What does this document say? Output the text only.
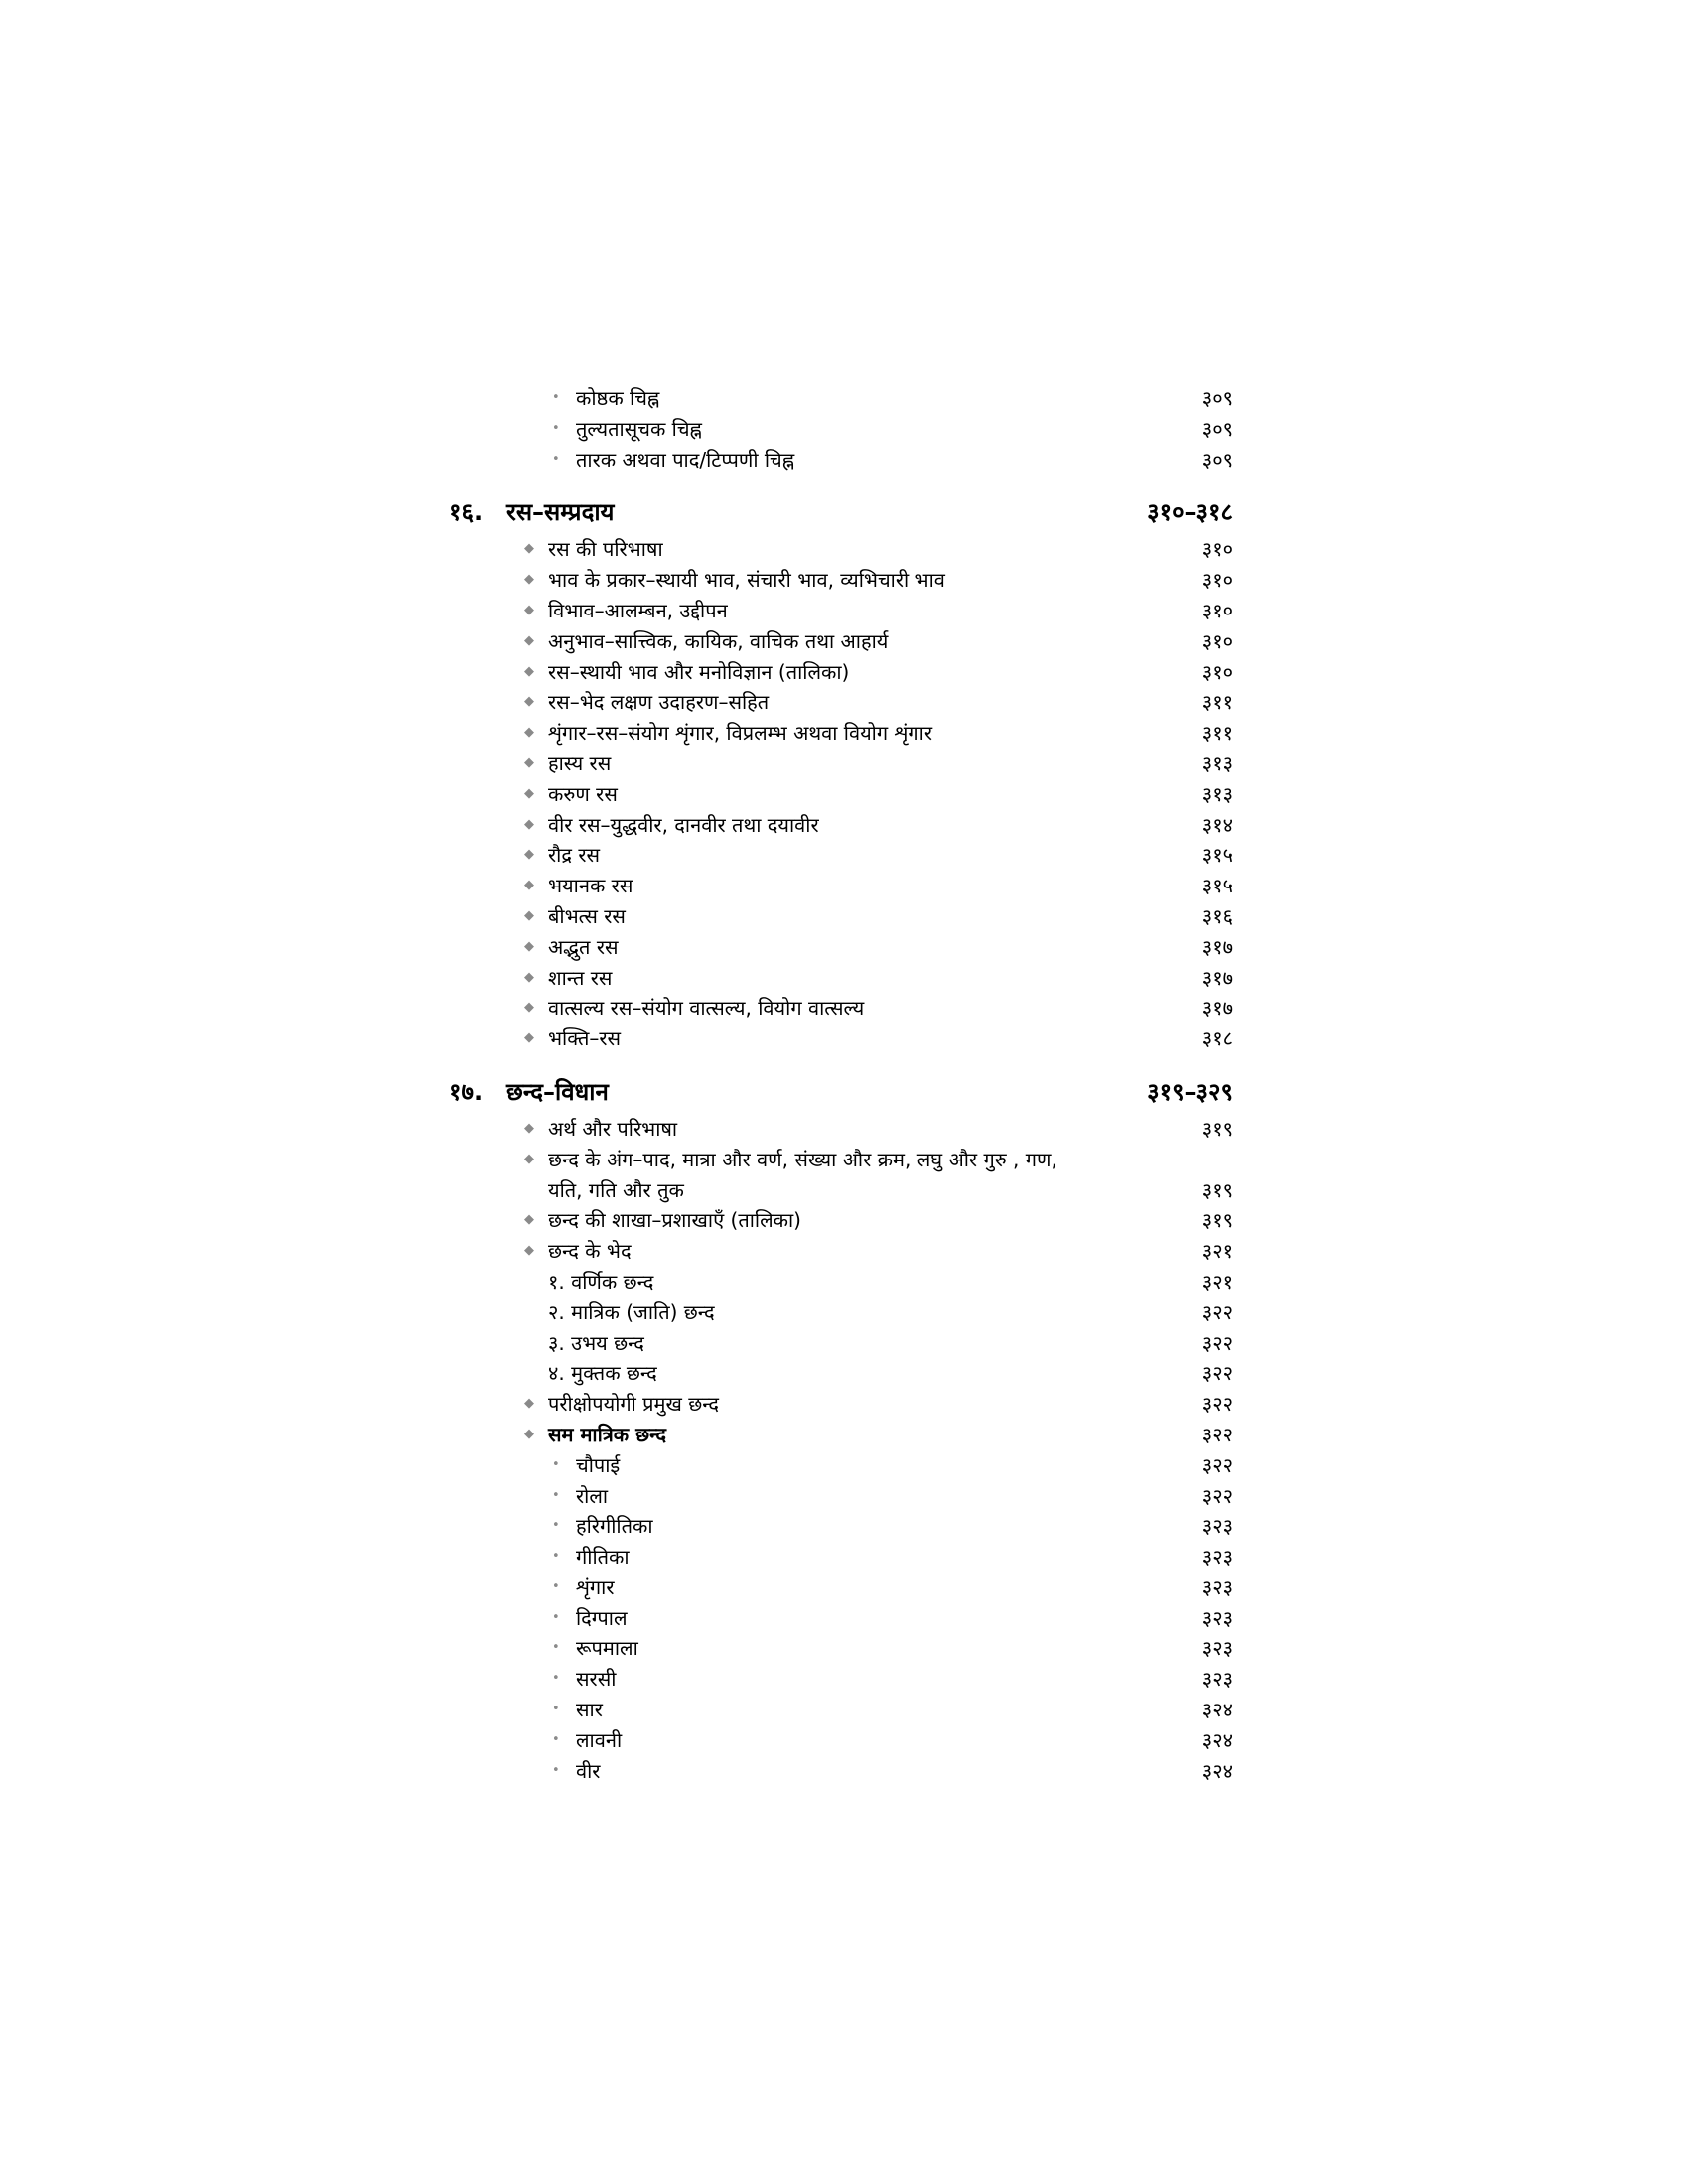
• कोष्ठक चिह्न	३०९
• तुल्यतासूचक चिह्न	३०९
• तारक अथवा पाद/टिप्पणी चिह्न	३०९
१६. रस–सम्प्रदाय	३१०–३१८
◆ रस की परिभाषा	३१०
◆ भाव के प्रकार–स्थायी भाव, संचारी भाव, व्यभिचारी भाव	३१०
◆ विभाव–आलम्बन, उद्दीपन	३१०
◆ अनुभाव–सात्त्विक, कायिक, वाचिक तथा आहार्य	३१०
◆ रस–स्थायी भाव और मनोविज्ञान (तालिका)	३१०
◆ रस–भेद लक्षण उदाहरण–सहित	३११
◆ शृंगार–रस–संयोग शृंगार, विप्रलम्भ अथवा वियोग शृंगार	३११
◆ हास्य रस	३१३
◆ करुण रस	३१३
◆ वीर रस–युद्धवीर, दानवीर तथा दयावीर	३१४
◆ रौद्र रस	३१५
◆ भयानक रस	३१५
◆ बीभत्स रस	३१६
◆ अद्भुत रस	३१७
◆ शान्त रस	३१७
◆ वात्सल्य रस–संयोग वात्सल्य, वियोग वात्सल्य	३१७
◆ भक्ति–रस	३१८
१७. छन्द–विधान	३१९–३२९
◆ अर्थ और परिभाषा	३१९
◆ छन्द के अंग–पाद, मात्रा और वर्ण, संख्या और क्रम, लघु और गुरु , गण,
यति, गति और तुक	३१९
◆ छन्द की शाखा–प्रशाखाएँ (तालिका)	३१९
◆ छन्द के भेद	३२१
१. वर्णिक छन्द	३२१
२. मात्रिक (जाति) छन्द	३२२
३. उभय छन्द	३२२
४. मुक्तक छन्द	३२२
◆ परीक्षोपयोगी प्रमुख छन्द	३२२
◆ सम मात्रिक छन्द	३२२
• चौपाई	३२२
• रोला	३२२
• हरिगीतिका	३२३
• गीतिका	३२३
• शृंगार	३२३
• दिग्पाल	३२३
• रूपमाला	३२३
• सरसी	३२३
• सार	३२४
• लावनी	३२४
• वीर	३२४
